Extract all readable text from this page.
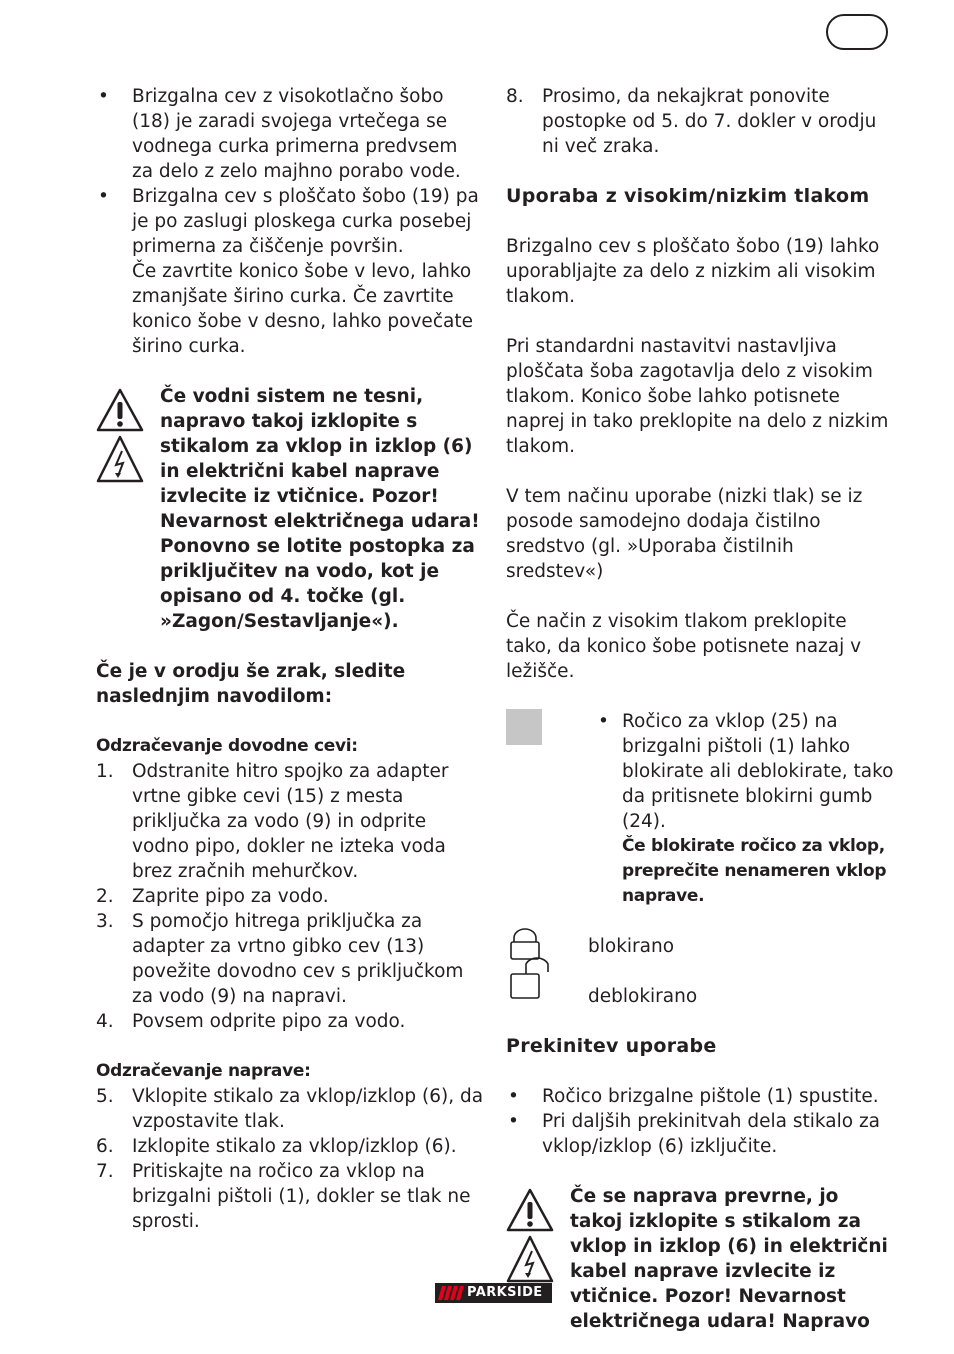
• Brizgalna cev z visokotlačno šobo (18) je zaradi svojega vrtečega se vodnega curka primerna predvsem za delo z zelo majhno porabo vode.
• Brizgalna cev s ploščato šobo (19) pa je po zaslugi ploskega curka posebej primerna za čiščenje površin.
Če zavrtite konico šobe v levo, lahko zmanjšate širino curka. Če zavrtite konico šobe v desno, lahko povečate širino curka.

Če vodni sistem ne tesni, napravo takoj izklopite s stikalom za vklop in izklop (6) in električni kabel naprave izvlecite iz vtičnice. Pozor! Nevarnost električnega udara! Ponovno se lotite postopka za priključitev na vodo, kot je opisano od 4. točke (gl. »Zagon/Sestavljanje«).

Če je v orodju še zrak, sledite naslednjim navodilom:

Odzračevanje dovodne cevi:

1. Odstranite hitro spojko za adapter vrtne gibke cevi (15) z mesta priključka za vodo (9) in odprite vodno pipo, dokler ne izteka voda brez zračnih mehurčkov.
2. Zaprite pipo za vodo.
3. S pomočjo hitrega priključka za adapter za vrtno gibko cev (13) povežite dovodno cev s priključkom za vodo (9) na napravi.
4. Povsem odprite pipo za vodo.

Odzračevanje naprave:

5. Vklopite stikalo za vklop/izklop (6), da vzpostavite tlak.
6. Izklopite stikalo za vklop/izklop (6).
7. Pritiskajte na ročico za vklop na brizgalni pištoli (1), dokler se tlak ne sprosti.
8. Prosimo, da nekajkrat ponovite postopke od 5. do 7. dokler v orodju ni več zraka.

Uporaba z visokim/nizkim tlakom

Brizgalno cev s ploščato šobo (19) lahko uporabljajte za delo z nizkim ali visokim tlakom.

Pri standardni nastavitvi nastavljiva ploščata šoba zagotavlja delo z visokim tlakom. Konico šobe lahko potisnete naprej in tako preklopite na delo z nizkim tlakom.

V tem načinu uporabe (nizki tlak) se iz posode samodejno dodaja čistilno sredstvo (gl. »Uporaba čistilnih sredstev«)

Če način z visokim tlakom preklopite tako, da konico šobe potisnete nazaj v ležišče.

• Ročico za vklop (25) na brizgalni pištoli (1) lahko blokirate ali deblokirate, tako da pritisnete blokirni gumb (24).
Če blokirate ročico za vklop, preprečite nenameren vklop naprave.
blokirano
deblokirano

Prekinitev uporabe

• Ročico brizgalne pištole (1) spustite.
• Pri daljših prekinitvah dela stikalo za vklop/izklop (6) izključite.

Če se naprava prevrne, jo takoj izklopite s stikalom za vklop in izklop (6) in električni kabel naprave izvlecite iz vtičnice. Pozor! Nevarnost električnega udara! Napravo

PARKSIDE
